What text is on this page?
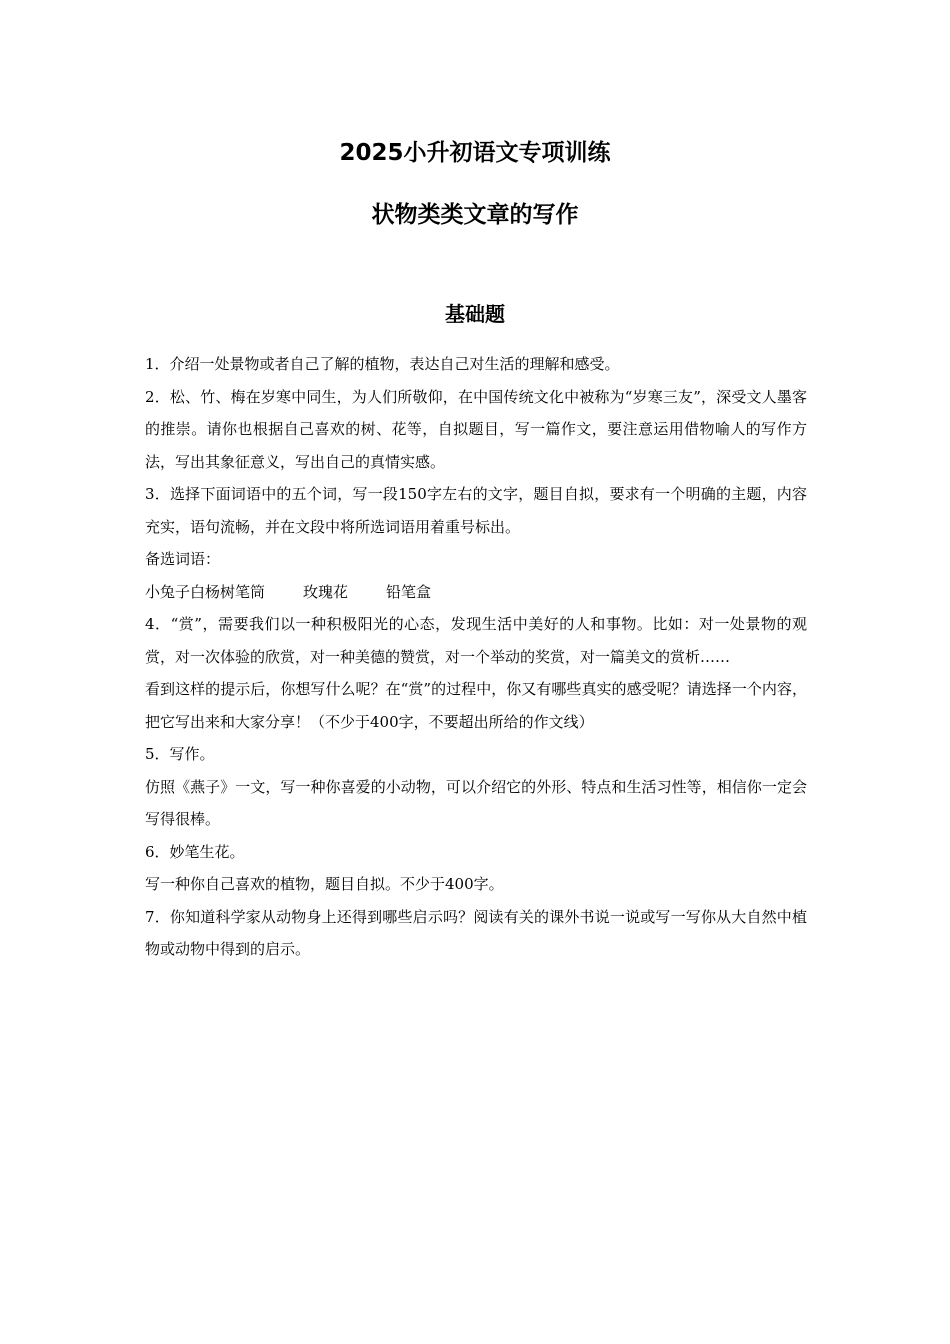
2025小升初语文专项训练
状物类类文章的写作
基础题

1．介绍一处景物或者自己了解的植物，表达自己对生活的理解和感受。

2．松、竹、梅在岁寒中同生，为人们所敬仰，在中国传统文化中被称为“岁寒三友”，深受文人墨客的推崇。请你也根据自己喜欢的树、花等，自拟题目，写一篇作文，要注意运用借物喻人的写作方法，写出其象征意义，写出自己的真情实感。

3．选择下面词语中的五个词，写一段150字左右的文字，题目自拟，要求有一个明确的主题，内容充实，语句流畅，并在文段中将所选词语用着重号标出。

备选词语：

小兔子白杨树笔筒	玫瑰花	铅笔盒

4．“赏”，需要我们以一种积极阳光的心态，发现生活中美好的人和事物。比如：对一处景物的观赏，对一次体验的欣赏，对一种美德的赞赏，对一个举动的奖赏，对一篇美文的赏析……

看到这样的提示后，你想写什么呢？在“赏”的过程中，你又有哪些真实的感受呢？请选择一个内容，把它写出来和大家分享！（不少于400字，不要超出所给的作文线）

5．写作。

仿照《燕子》一文，写一种你喜爱的小动物，可以介绍它的外形、特点和生活习性等，相信你一定会写得很棒。

6．妙笔生花。

写一种你自己喜欢的植物，题目自拟。不少于400字。

7．你知道科学家从动物身上还得到哪些启示吗？阅读有关的课外书说一说或写一写你从大自然中植物或动物中得到的启示。
